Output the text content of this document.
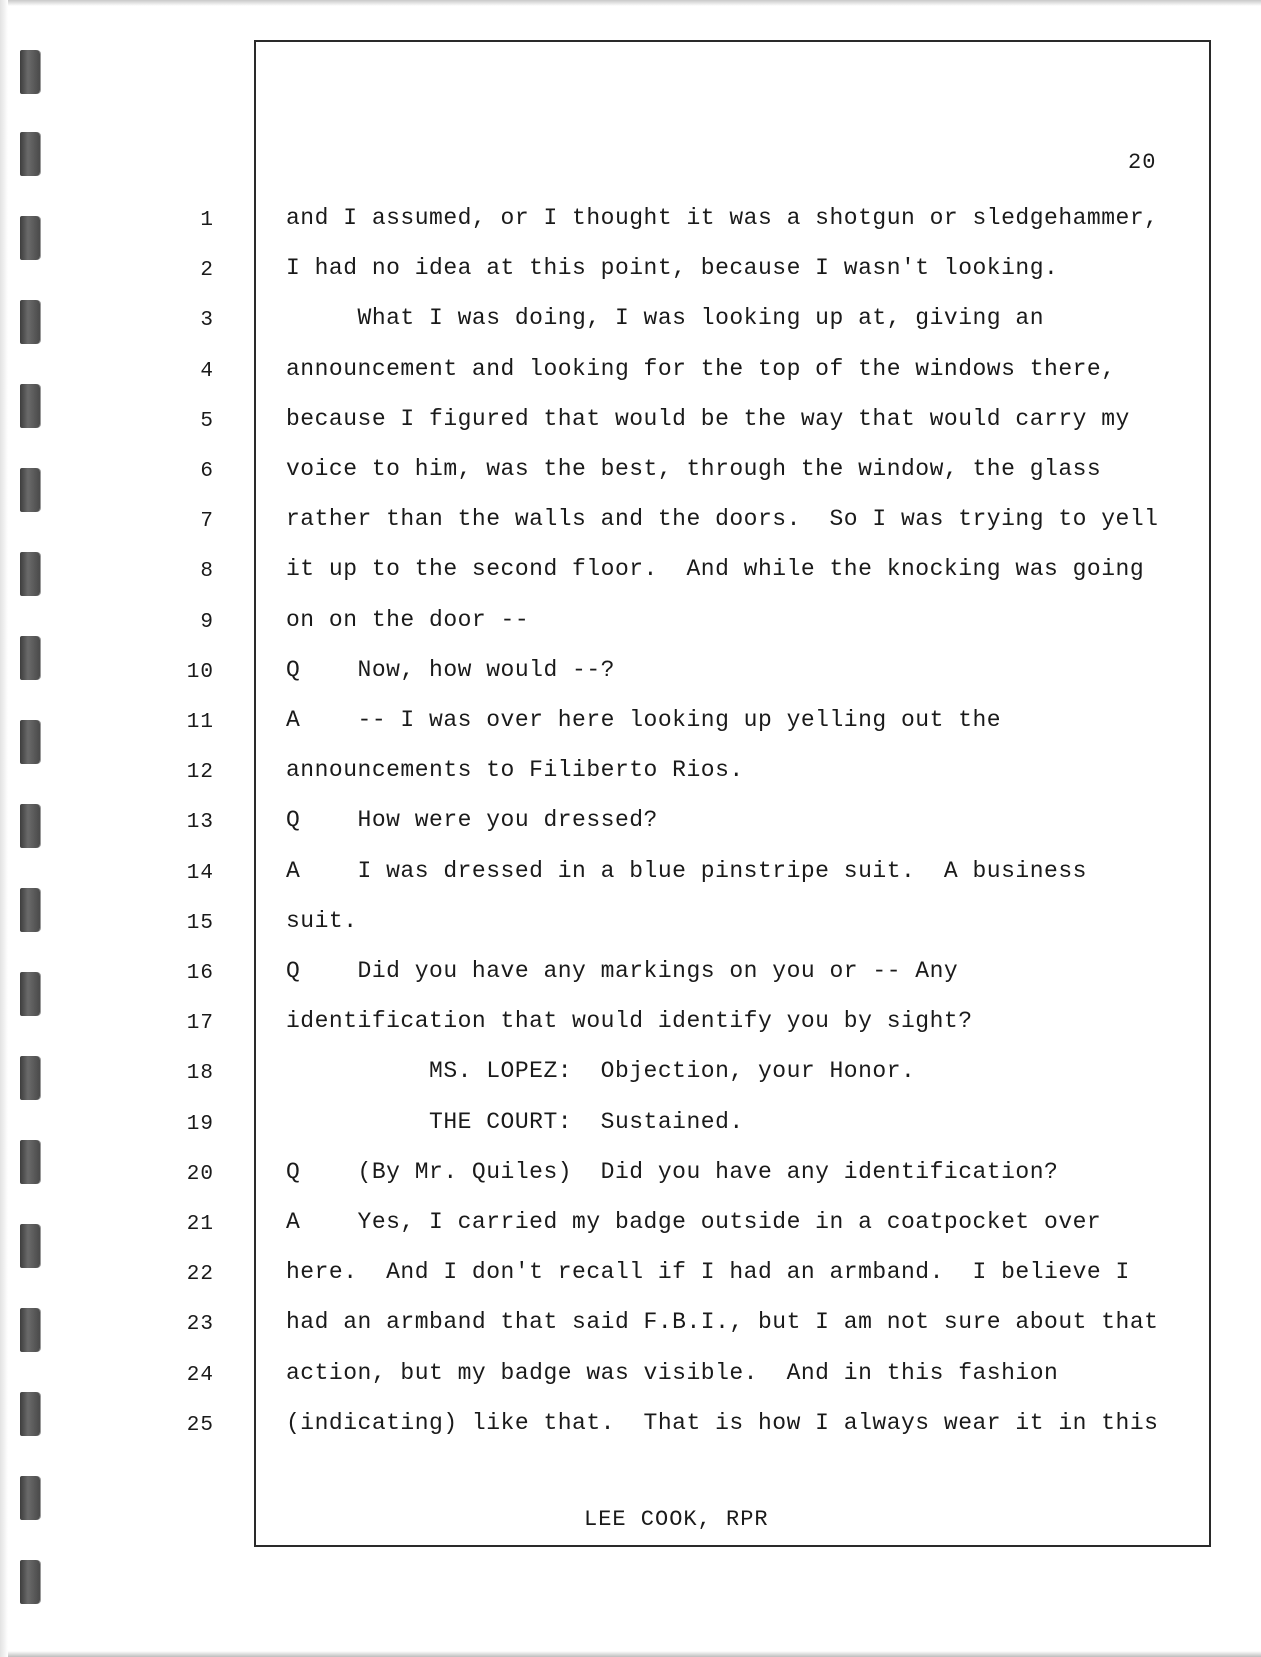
20
1	and I assumed, or I thought it was a shotgun or sledgehammer,
2	I had no idea at this point, because I wasn't looking.
3	What I was doing, I was looking up at, giving an
4	announcement and looking for the top of the windows there,
5	because I figured that would be the way that would carry my
6	voice to him, was the best, through the window, the glass
7	rather than the walls and the doors.  So I was trying to yell
8	it up to the second floor.  And while the knocking was going
9	on on the door --
10	Q    Now, how would --?
11	A    -- I was over here looking up yelling out the
12	announcements to Filiberto Rios.
13	Q    How were you dressed?
14	A    I was dressed in a blue pinstripe suit.  A business
15	suit.
16	Q    Did you have any markings on you or -- Any
17	identification that would identify you by sight?
18	MS. LOPEZ:  Objection, your Honor.
19	THE COURT:  Sustained.
20	Q    (By Mr. Quiles)  Did you have any identification?
21	A    Yes, I carried my badge outside in a coatpocket over
22	here.  And I don't recall if I had an armband.  I believe I
23	had an armband that said F.B.I., but I am not sure about that
24	action, but my badge was visible.  And in this fashion
25	(indicating) like that.  That is how I always wear it in this
LEE COOK, RPR
